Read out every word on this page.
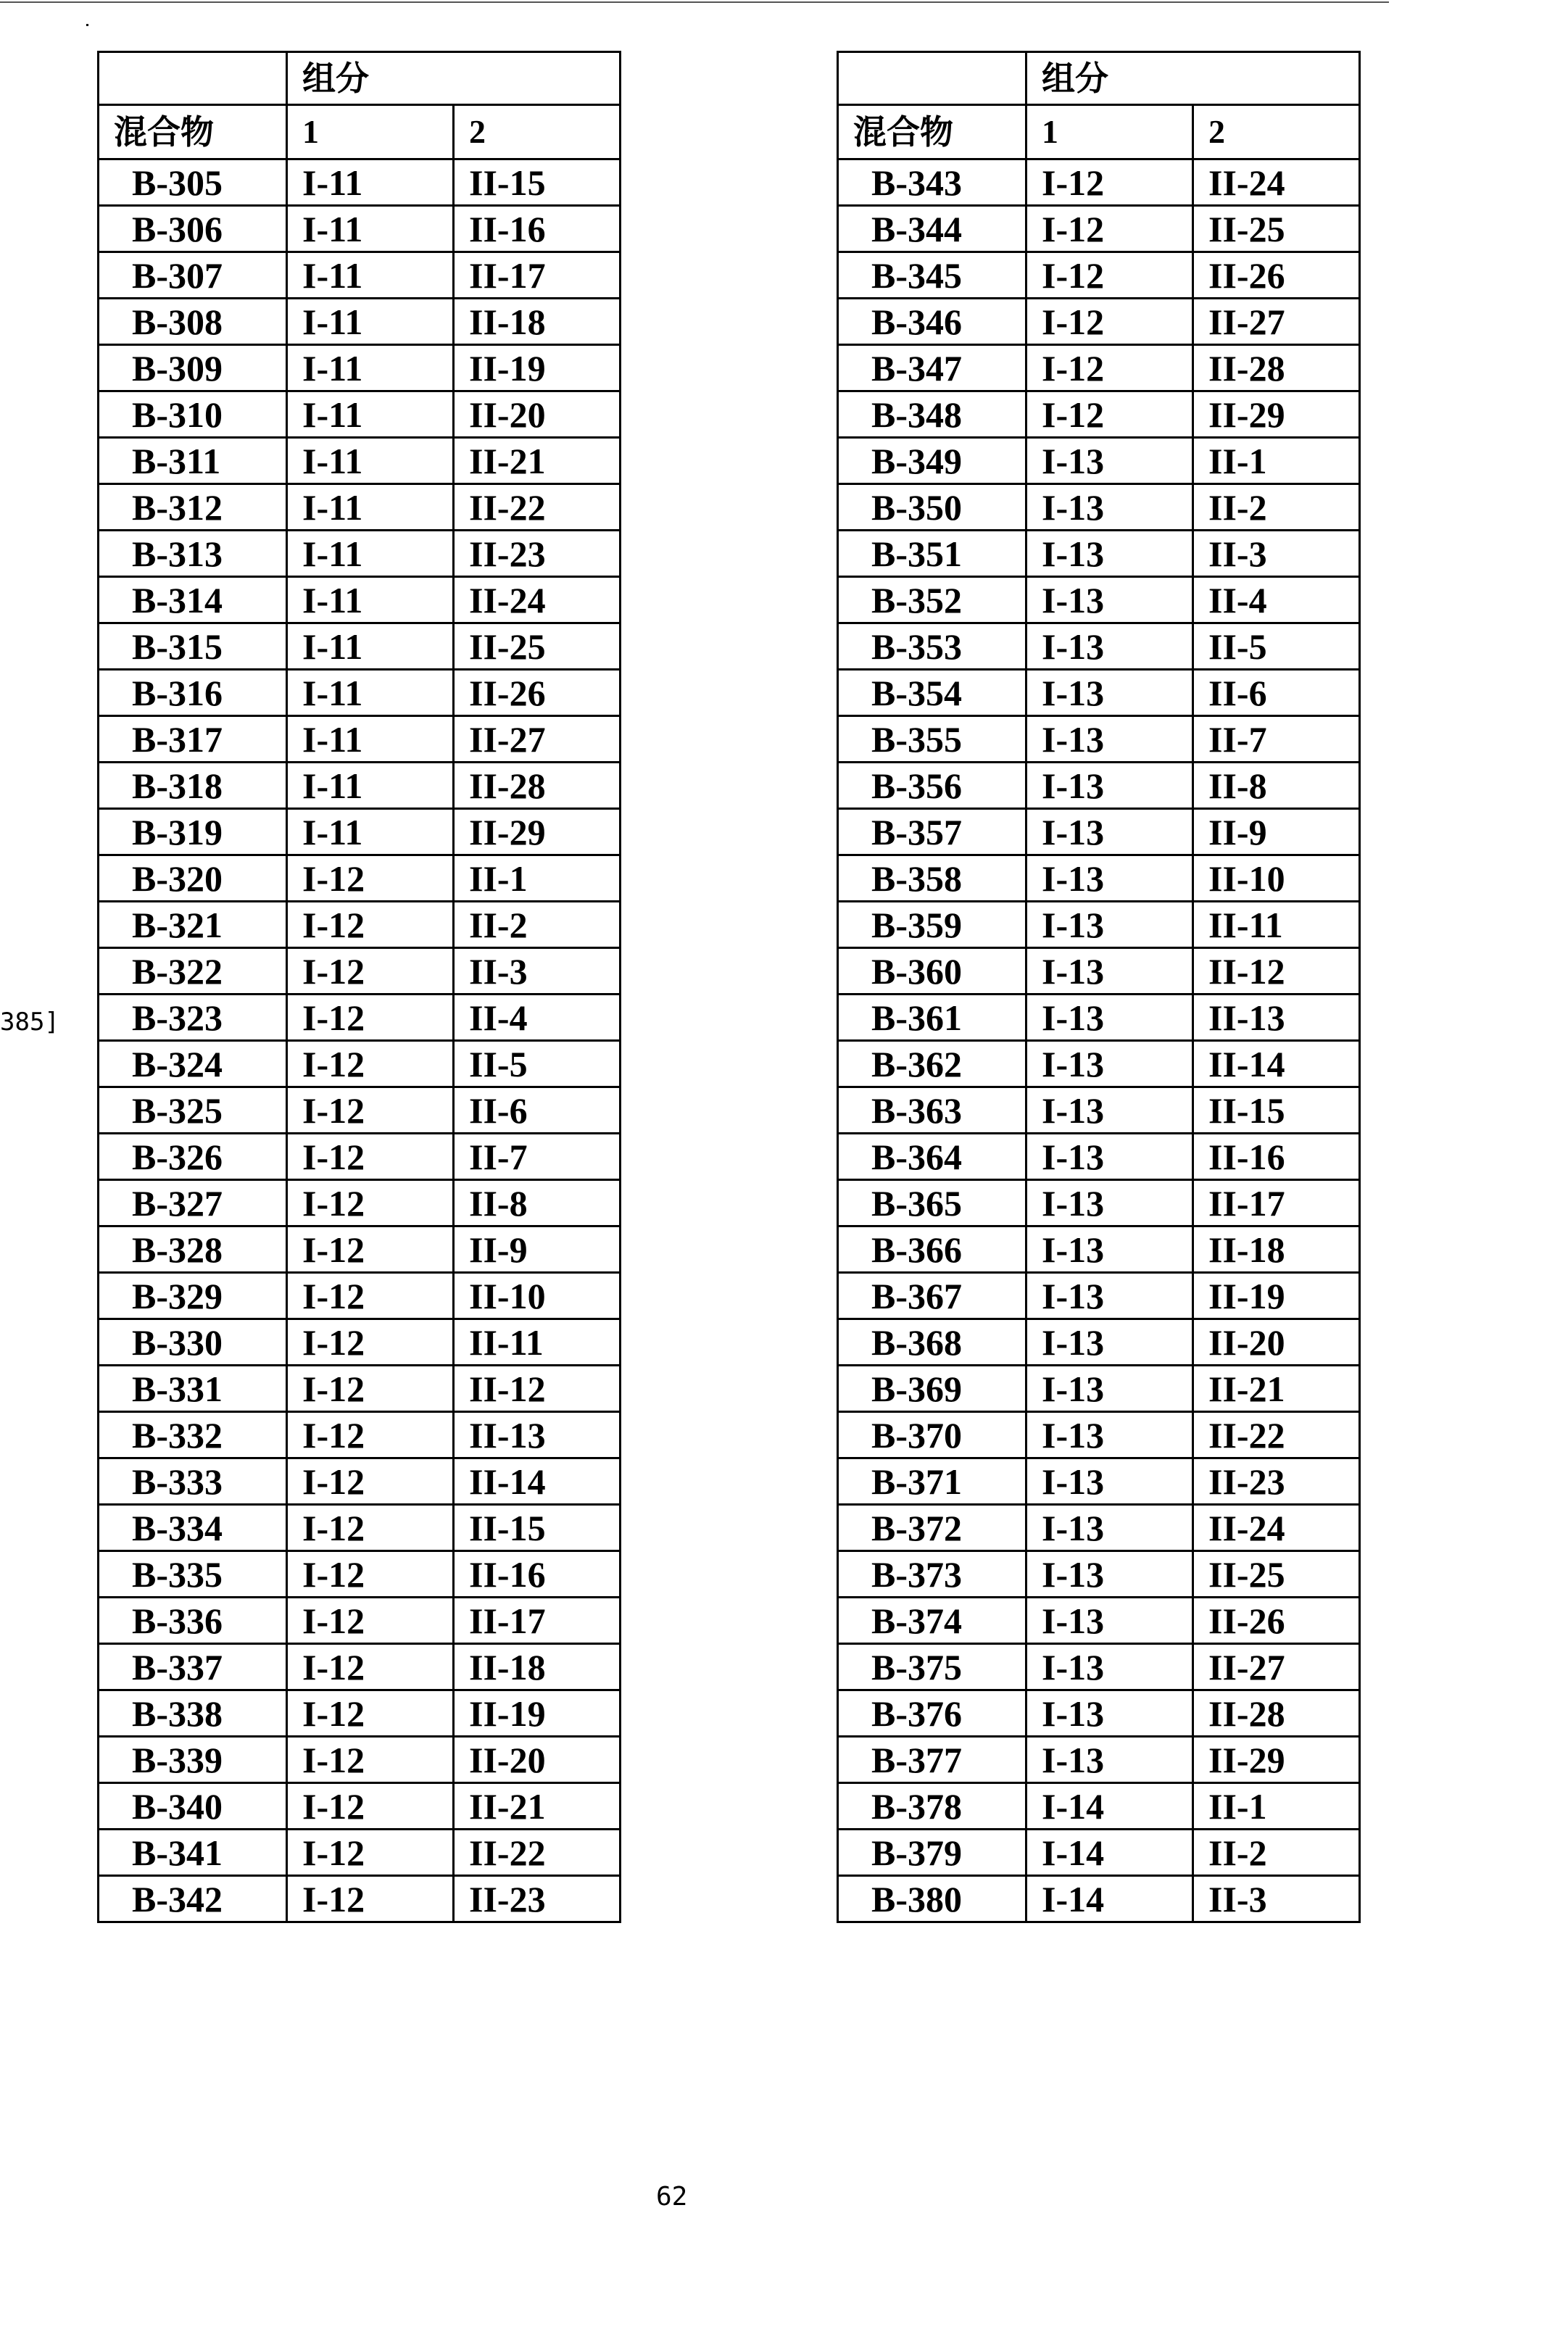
385]
	组分
混合物	1	2
B-305	I-11	II-15
B-306	I-11	II-16
B-307	I-11	II-17
B-308	I-11	II-18
B-309	I-11	II-19
B-310	I-11	II-20
B-311	I-11	II-21
B-312	I-11	II-22
B-313	I-11	II-23
B-314	I-11	II-24
B-315	I-11	II-25
B-316	I-11	II-26
B-317	I-11	II-27
B-318	I-11	II-28
B-319	I-11	II-29
B-320	I-12	II-1
B-321	I-12	II-2
B-322	I-12	II-3
B-323	I-12	II-4
B-324	I-12	II-5
B-325	I-12	II-6
B-326	I-12	II-7
B-327	I-12	II-8
B-328	I-12	II-9
B-329	I-12	II-10
B-330	I-12	II-11
B-331	I-12	II-12
B-332	I-12	II-13
B-333	I-12	II-14
B-334	I-12	II-15
B-335	I-12	II-16
B-336	I-12	II-17
B-337	I-12	II-18
B-338	I-12	II-19
B-339	I-12	II-20
B-340	I-12	II-21
B-341	I-12	II-22
B-342	I-12	II-23
	组分
混合物	1	2
B-343	I-12	II-24
B-344	I-12	II-25
B-345	I-12	II-26
B-346	I-12	II-27
B-347	I-12	II-28
B-348	I-12	II-29
B-349	I-13	II-1
B-350	I-13	II-2
B-351	I-13	II-3
B-352	I-13	II-4
B-353	I-13	II-5
B-354	I-13	II-6
B-355	I-13	II-7
B-356	I-13	II-8
B-357	I-13	II-9
B-358	I-13	II-10
B-359	I-13	II-11
B-360	I-13	II-12
B-361	I-13	II-13
B-362	I-13	II-14
B-363	I-13	II-15
B-364	I-13	II-16
B-365	I-13	II-17
B-366	I-13	II-18
B-367	I-13	II-19
B-368	I-13	II-20
B-369	I-13	II-21
B-370	I-13	II-22
B-371	I-13	II-23
B-372	I-13	II-24
B-373	I-13	II-25
B-374	I-13	II-26
B-375	I-13	II-27
B-376	I-13	II-28
B-377	I-13	II-29
B-378	I-14	II-1
B-379	I-14	II-2
B-380	I-14	II-3
62
